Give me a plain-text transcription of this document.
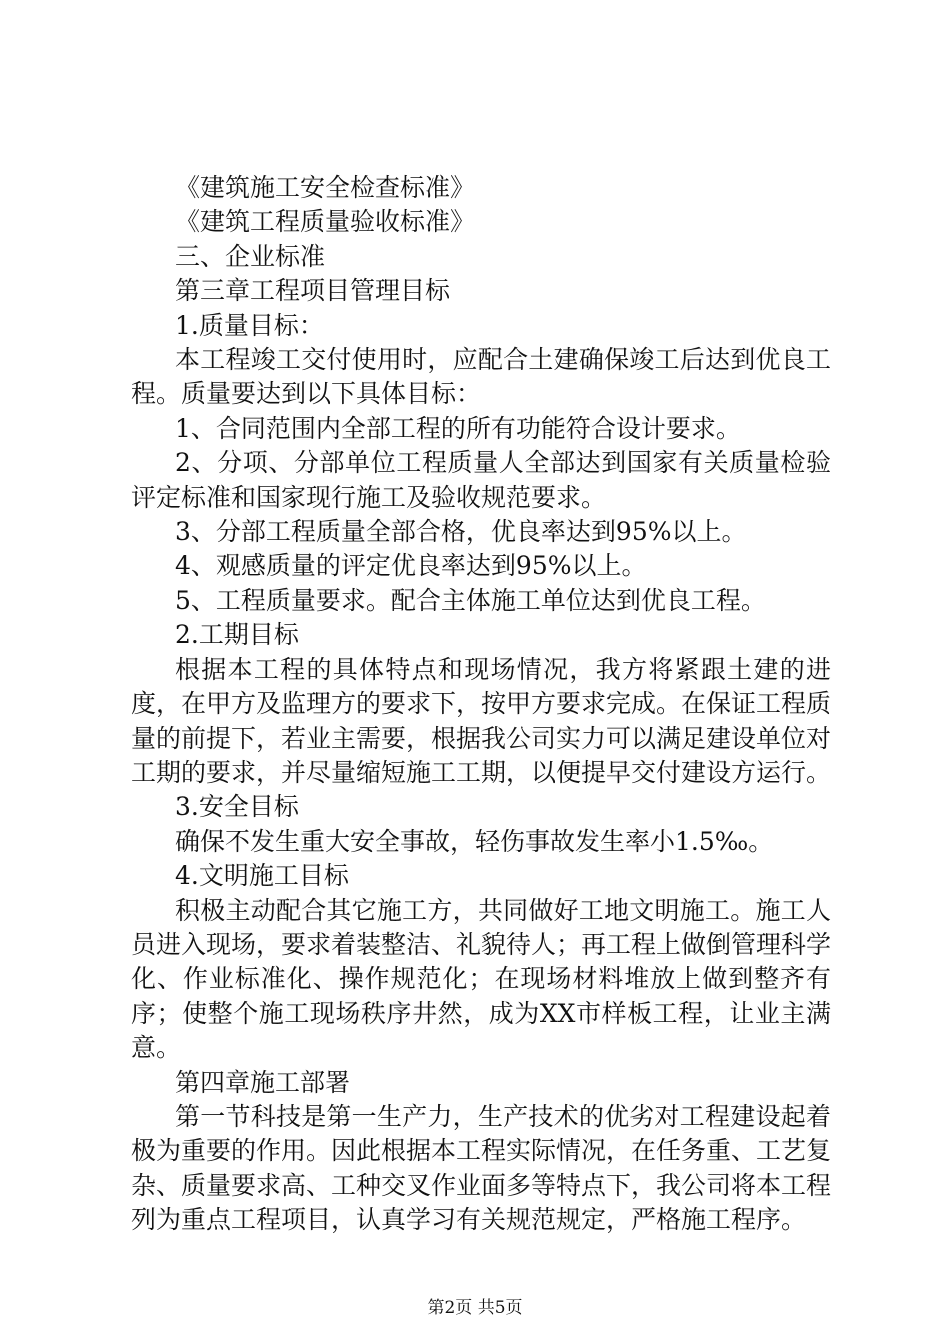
《建筑施工安全检查标准》

《建筑工程质量验收标准》

三、企业标准

第三章工程项目管理目标

1.质量目标：

本工程竣工交付使用时，应配合土建确保竣工后达到优良工程。质量要达到以下具体目标：

1、合同范围内全部工程的所有功能符合设计要求。

2、分项、分部单位工程质量人全部达到国家有关质量检验评定标准和国家现行施工及验收规范要求。

3、分部工程质量全部合格，优良率达到95%以上。

4、观感质量的评定优良率达到95%以上。

5、工程质量要求。配合主体施工单位达到优良工程。

2.工期目标

根据本工程的具体特点和现场情况，我方将紧跟土建的进度，在甲方及监理方的要求下，按甲方要求完成。在保证工程质量的前提下，若业主需要，根据我公司实力可以满足建设单位对工期的要求，并尽量缩短施工工期，以便提早交付建设方运行。

3.安全目标

确保不发生重大安全事故，轻伤事故发生率小1.5‰。

4.文明施工目标

积极主动配合其它施工方，共同做好工地文明施工。施工人员进入现场，要求着装整洁、礼貌待人；再工程上做倒管理科学化、作业标准化、操作规范化；在现场材料堆放上做到整齐有序；使整个施工现场秩序井然，成为XX市样板工程，让业主满意。

第四章施工部署

第一节科技是第一生产力，生产技术的优劣对工程建设起着极为重要的作用。因此根据本工程实际情况，在任务重、工艺复杂、质量要求高、工种交叉作业面多等特点下，我公司将本工程列为重点工程项目，认真学习有关规范规定，严格施工程序。

第2页 共5页
